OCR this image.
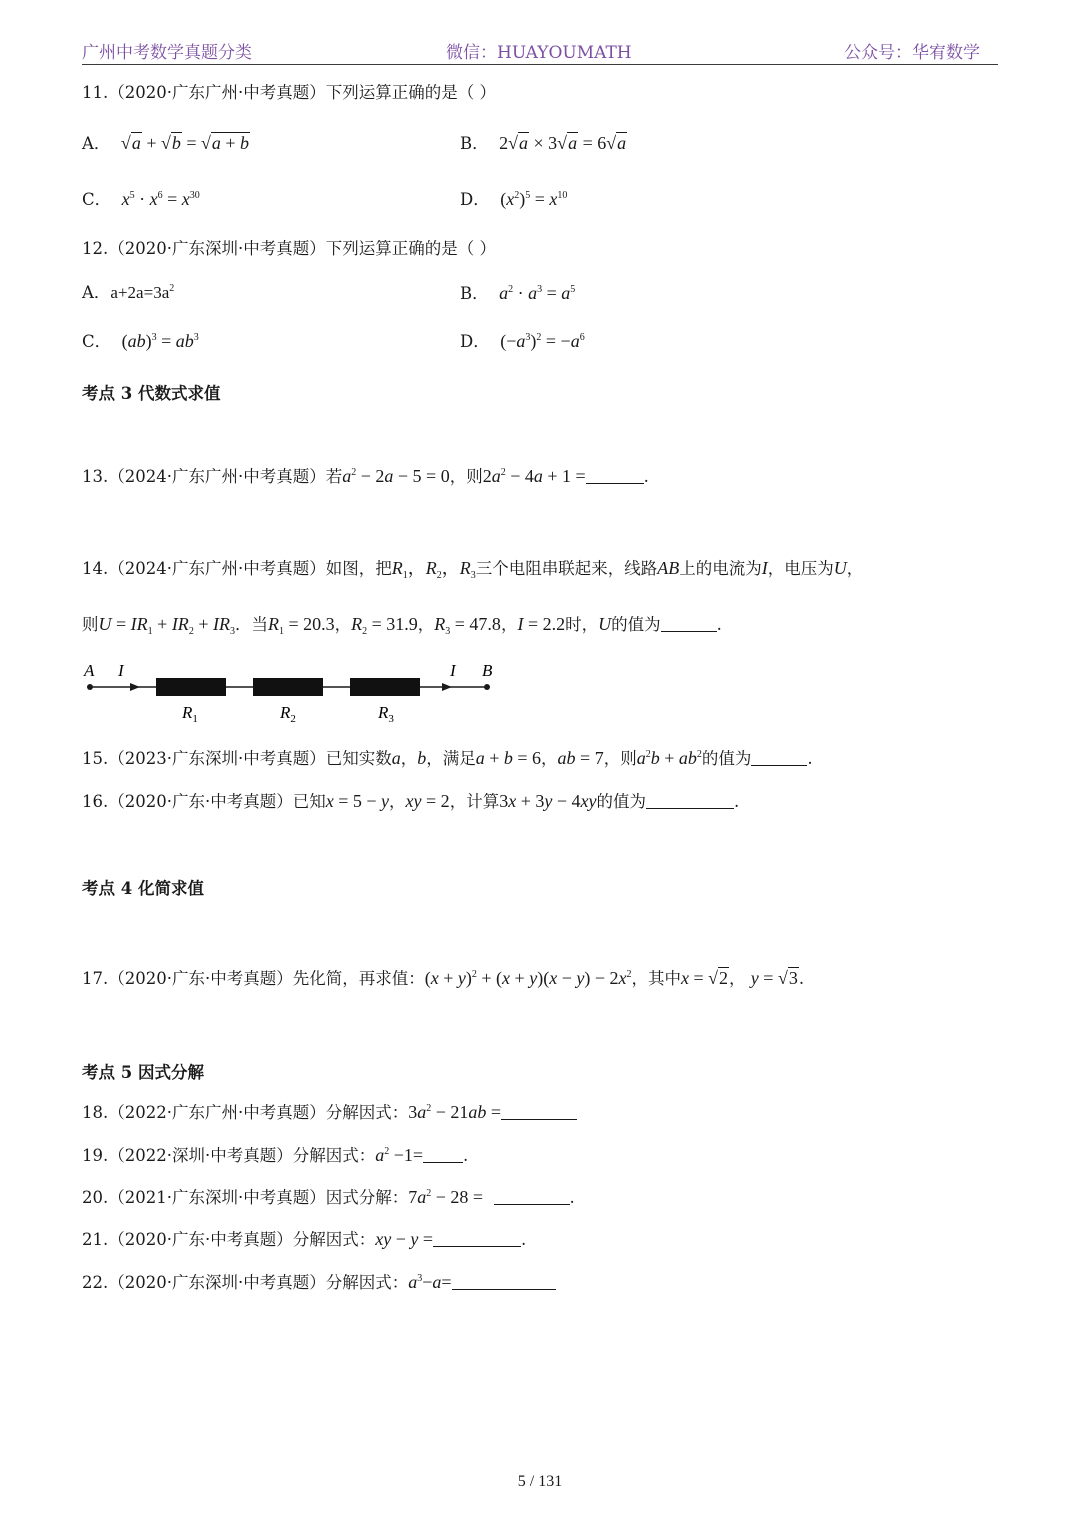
广州中考数学真题分类	微信：HUAYOUMATH	公众号：华宥数学
11.（2020·广东广州·中考真题）下列运算正确的是（ ）
A． √a + √b = √a + b	B． 2√a × 3√a = 6√a
C． $x^5 \cdot x^6 = x^{30}$	D． $(x^2)^5 = x^{10}$
12.（2020·广东深圳·中考真题）下列运算正确的是（ ）
A．$a+2a=3a^2$	B． $a^2 \cdot a^3 = a^5$
C． $(ab)^3 = ab^3$	D． $(-a^3)^2 = -a^6$
考点 3 代数式求值
13.（2024·广东广州·中考真题）若$a^2 - 2a - 5 = 0$，则$2a^2 - 4a + 1$ =	.
14.（2024·广东广州·中考真题）如图，把$R_1$，$R_2$，$R_3$三个电阻串联起来，线路AB上的电流为I，电压为U，
则$U = IR_1 + IR_2 + IR_3$．当$R_1 = 20.3$，$R_2 = 31.9$，$R_3 = 47.8$，I = 2.2时，U的值为	.
A I	I B
$R_1$	$R_2$	$R_3$
15.（2023·广东深圳·中考真题）已知实数a，b，满足a + b = 6，ab = 7，则$a^2b + ab^2$的值为	.
16.（2020·广东·中考真题）已知x = 5 − y，xy = 2，计算3x + 3y − 4xy的值为	.
考点 4 化简求值
17.（2020·广东·中考真题）先化简，再求值：$(x + y)^2 + (x + y)(x - y) - 2x^2$，其中x = √2， y = √3.
考点 5 因式分解
18.（2022·广东广州·中考真题）分解因式：$3a^2 - 21ab$ =
19.（2022·深圳·中考真题）分解因式：$a^2 -1=$ .
20.（2021·广东深圳·中考真题）因式分解：$7a^2 - 28$ =	.
21.（2020·广东·中考真题）分解因式：xy − y =	.
22.（2020·广东深圳·中考真题）分解因式：$a^3-a=$
5 / 131
